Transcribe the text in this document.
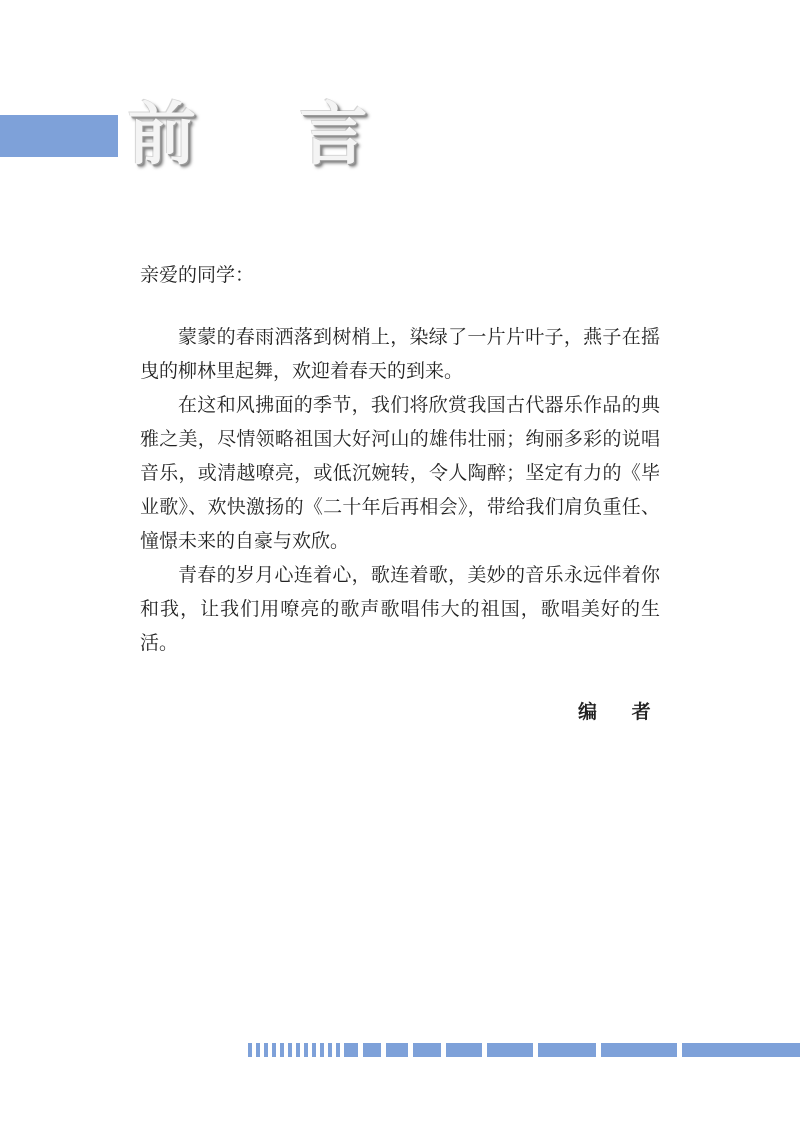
前 言

亲爱的同学：

蒙蒙的春雨洒落到树梢上，染绿了一片片叶子，燕子在摇曳的柳林里起舞，欢迎着春天的到来。

在这和风拂面的季节，我们将欣赏我国古代器乐作品的典雅之美，尽情领略祖国大好河山的雄伟壮丽；绚丽多彩的说唱音乐，或清越嘹亮，或低沉婉转，令人陶醉；坚定有力的《毕业歌》、欢快激扬的《二十年后再相会》，带给我们肩负重任、憧憬未来的自豪与欢欣。

青春的岁月心连着心，歌连着歌，美妙的音乐永远伴着你和我，让我们用嘹亮的歌声歌唱伟大的祖国，歌唱美好的生活。

编 者
